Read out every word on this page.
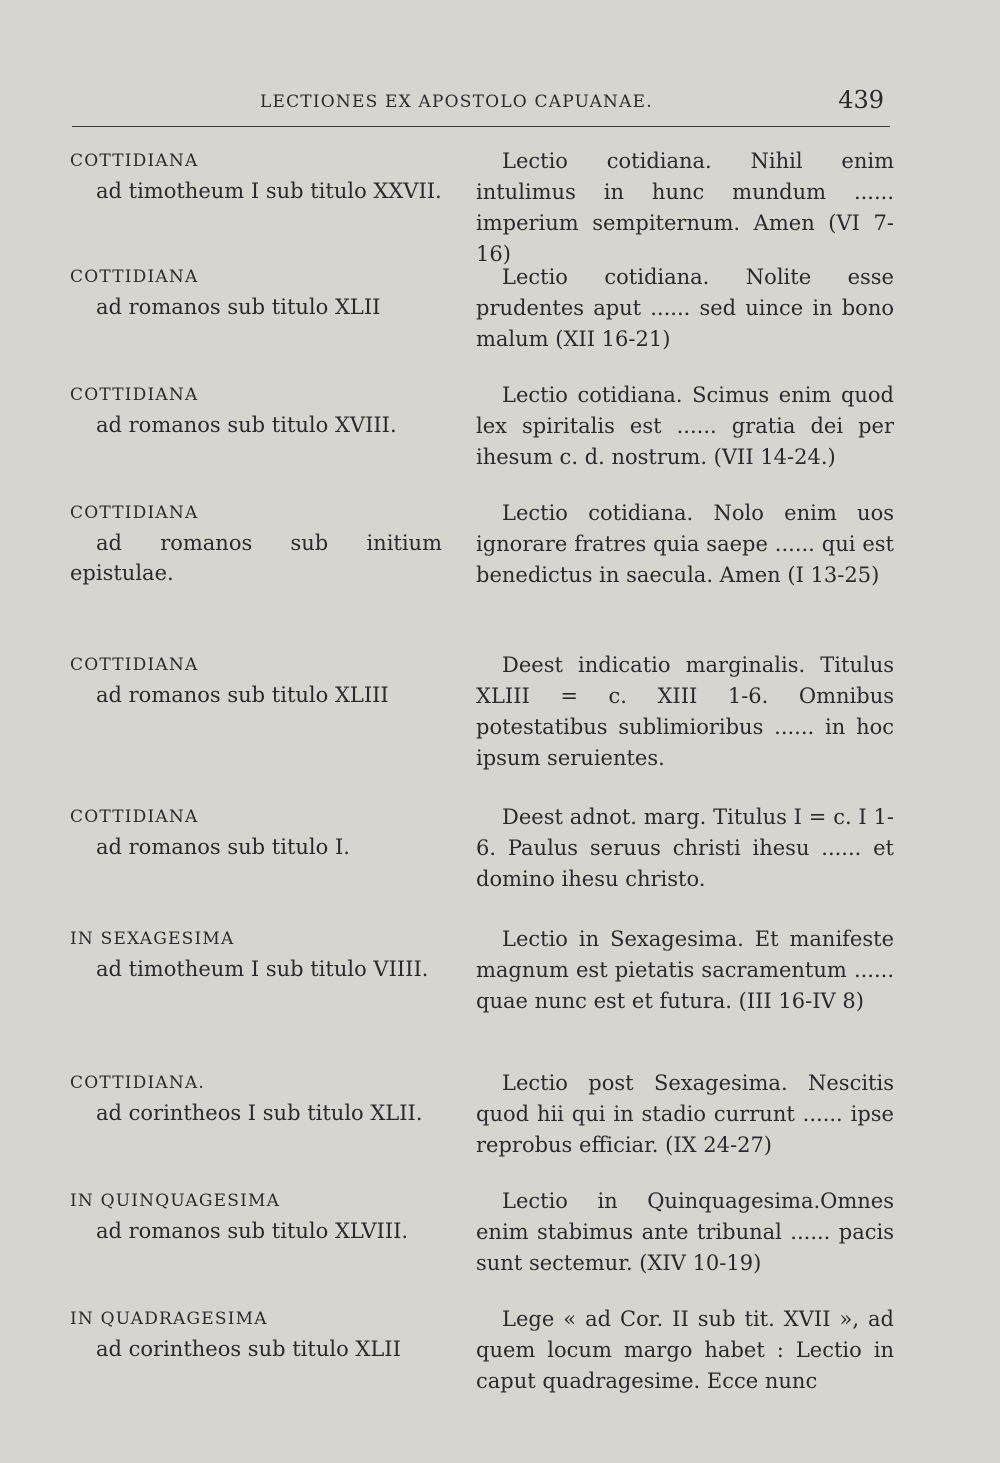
LECTIONES EX APOSTOLO CAPUANAE.	439
COTTIDIANA
ad timotheum I sub titulo XXVII.
Lectio cotidiana. Nihil enim intulimus in hunc mundum ...... imperium sempiternum. Amen (VI 7-16)
COTTIDIANA
ad romanos sub titulo XLII
Lectio cotidiana. Nolite esse prudentes aput ...... sed uince in bono malum (XII 16-21)
COTTIDIANA
ad romanos sub titulo XVIII.
Lectio cotidiana. Scimus enim quod lex spiritalis est ...... gratia dei per ihesum c. d. nostrum. (VII 14-24.)
COTTIDIANA
ad romanos sub initium epistulae.
Lectio cotidiana. Nolo enim uos ignorare fratres quia saepe ...... qui est benedictus in saecula. Amen (I 13-25)
COTTIDIANA
ad romanos sub titulo XLIII
Deest indicatio marginalis. Titulus XLIII = c. XIII 1-6. Omnibus potestatibus sublimioribus ...... in hoc ipsum seruientes.
COTTIDIANA
ad romanos sub titulo I.
Deest adnot. marg. Titulus I = c. I 1-6. Paulus seruus christi ihesu ...... et domino ihesu christo.
IN SEXAGESIMA
ad timotheum I sub titulo VIIII.
Lectio in Sexagesima. Et manifeste magnum est pietatis sacramentum ...... quae nunc est et futura. (III 16-IV 8)
COTTIDIANA.
ad corintheos I sub titulo XLII.
Lectio post Sexagesima. Nescitis quod hii qui in stadio currunt ...... ipse reprobus efficiar. (IX 24-27)
IN QUINQUAGESIMA
ad romanos sub titulo XLVIII.
Lectio in Quinquagesima.Omnes enim stabimus ante tribunal ...... pacis sunt sectemur. (XIV 10-19)
IN QUADRAGESIMA
ad corintheos sub titulo XLII
Lege « ad Cor. II sub tit. XVII », ad quem locum margo habet : Lectio in caput quadragesime. Ecce nunc
